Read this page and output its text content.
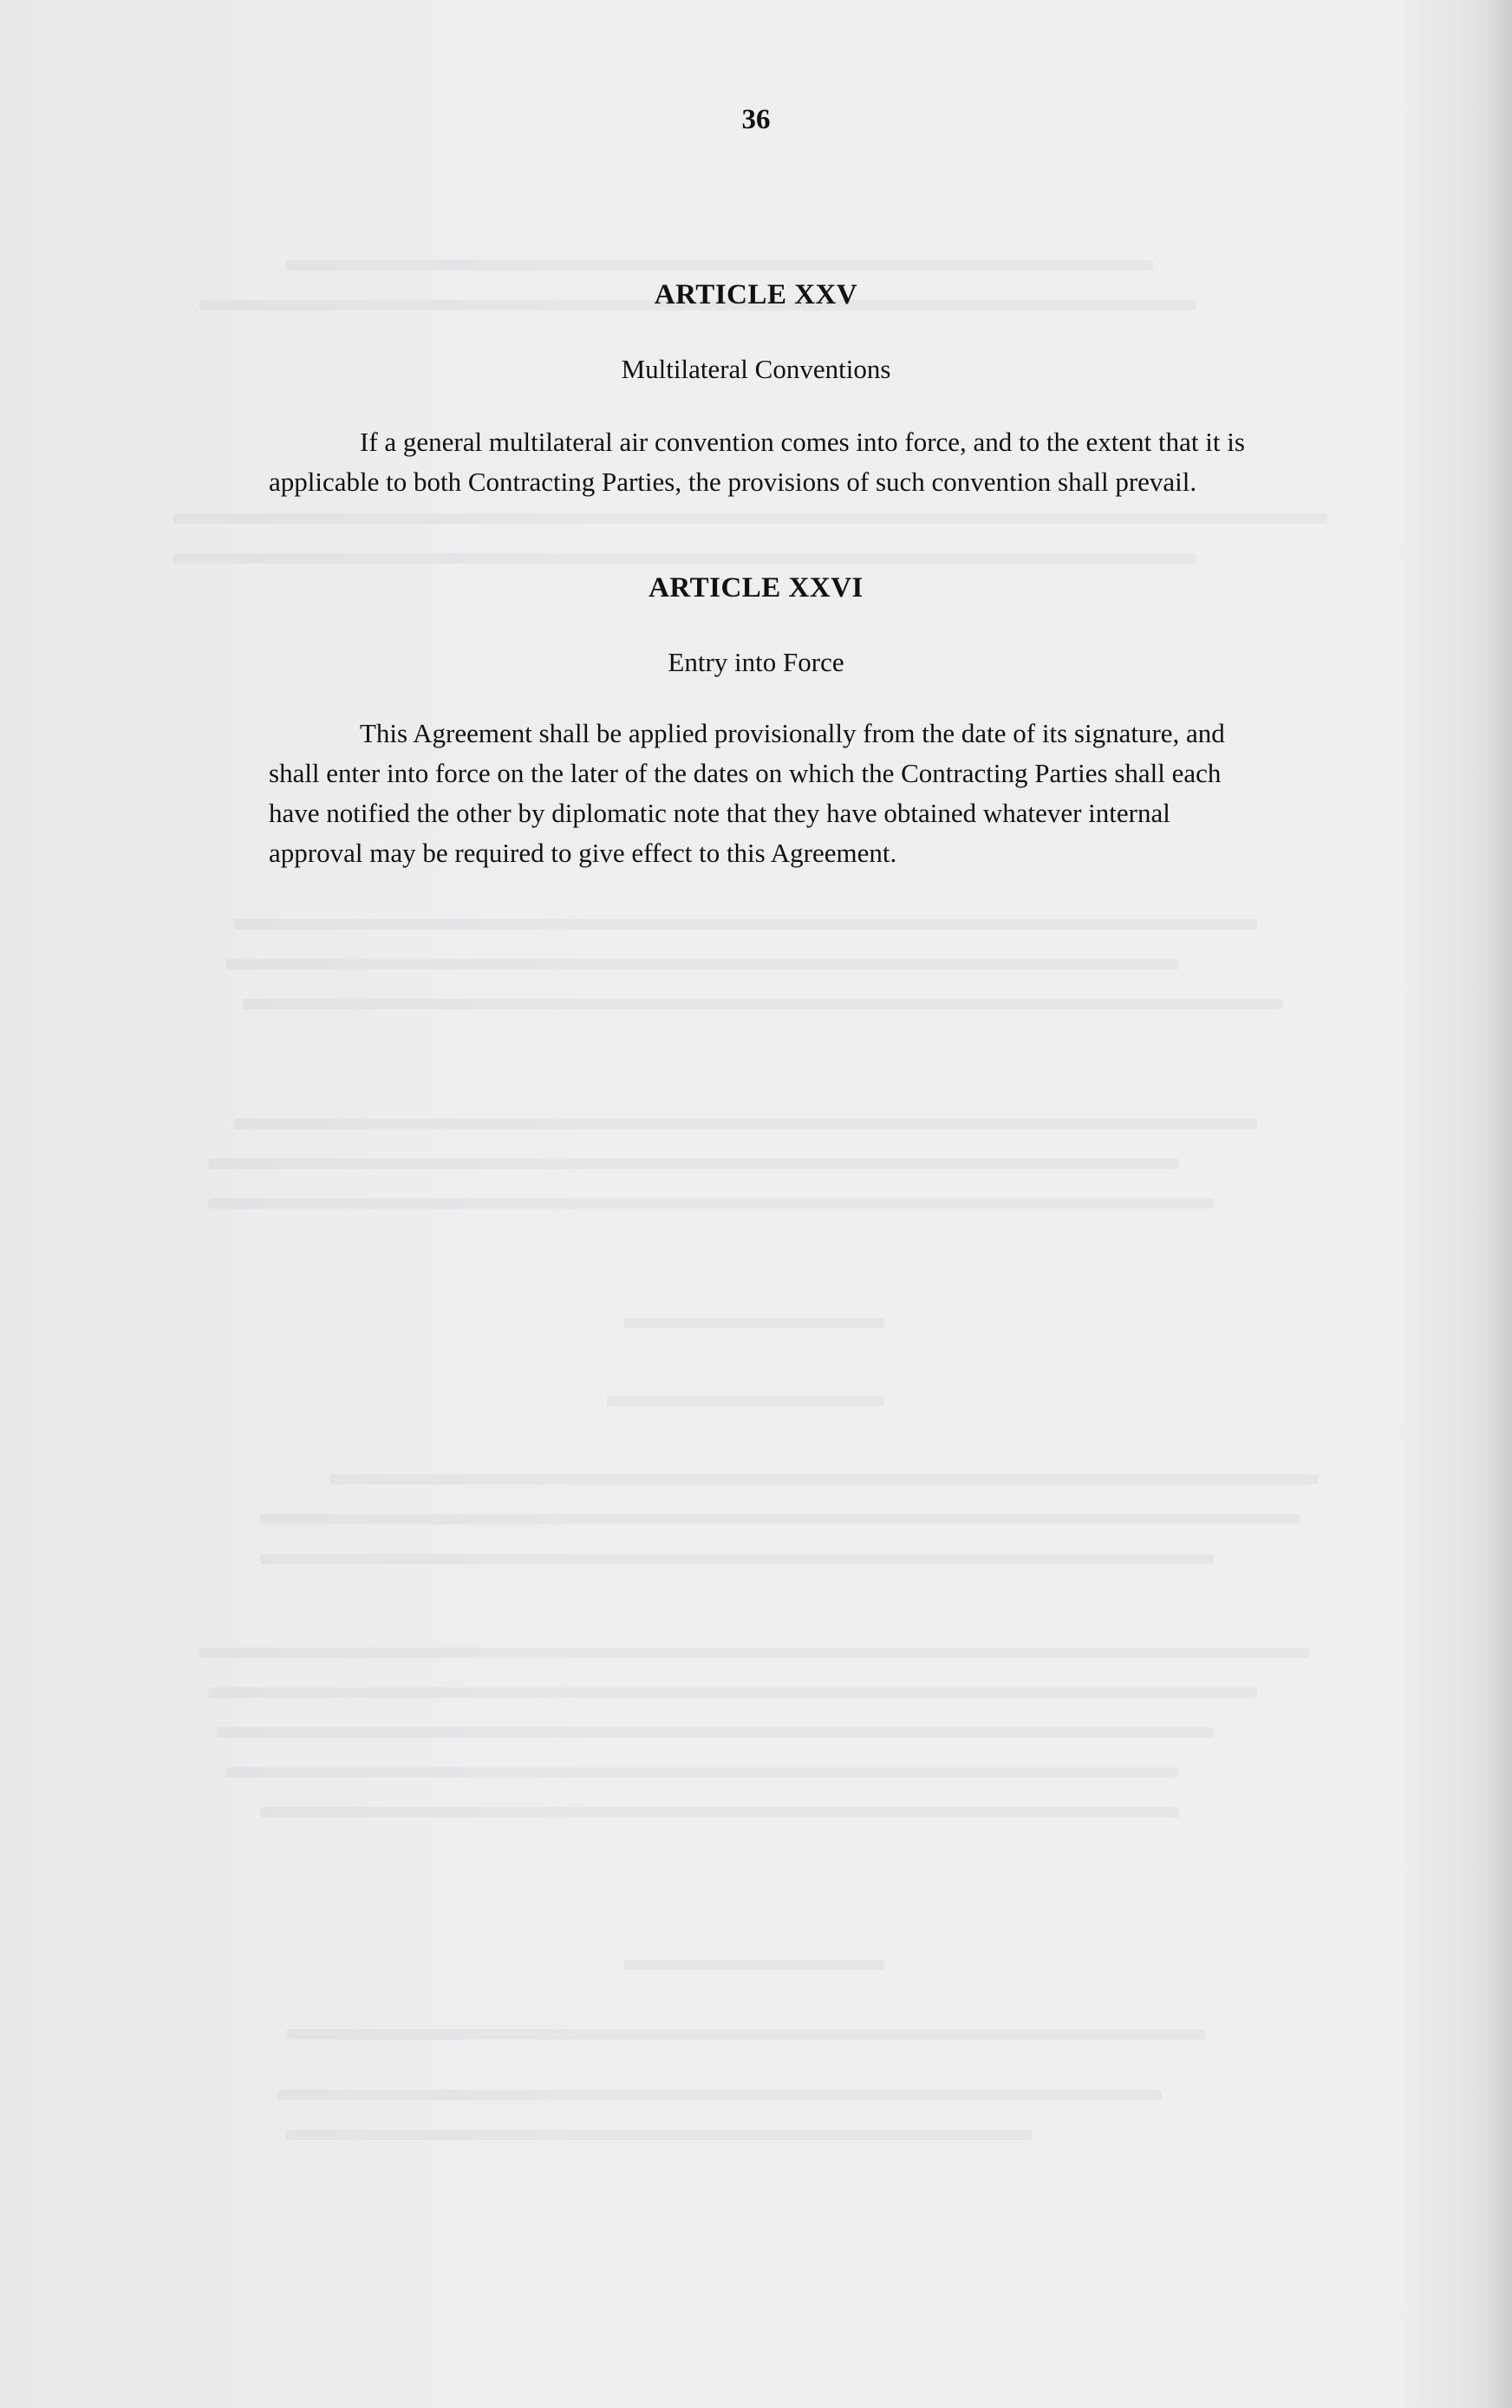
36
ARTICLE XXV
Multilateral Conventions
If a general multilateral air convention comes into force, and to the extent that it is
applicable to both Contracting Parties, the provisions of such convention shall prevail.
ARTICLE XXVI
Entry into Force
This Agreement shall be applied provisionally from the date of its signature, and
shall enter into force on the later of the dates on which the Contracting Parties shall each
have notified the other by diplomatic note that they have obtained whatever internal
approval may be required to give effect to this Agreement.
